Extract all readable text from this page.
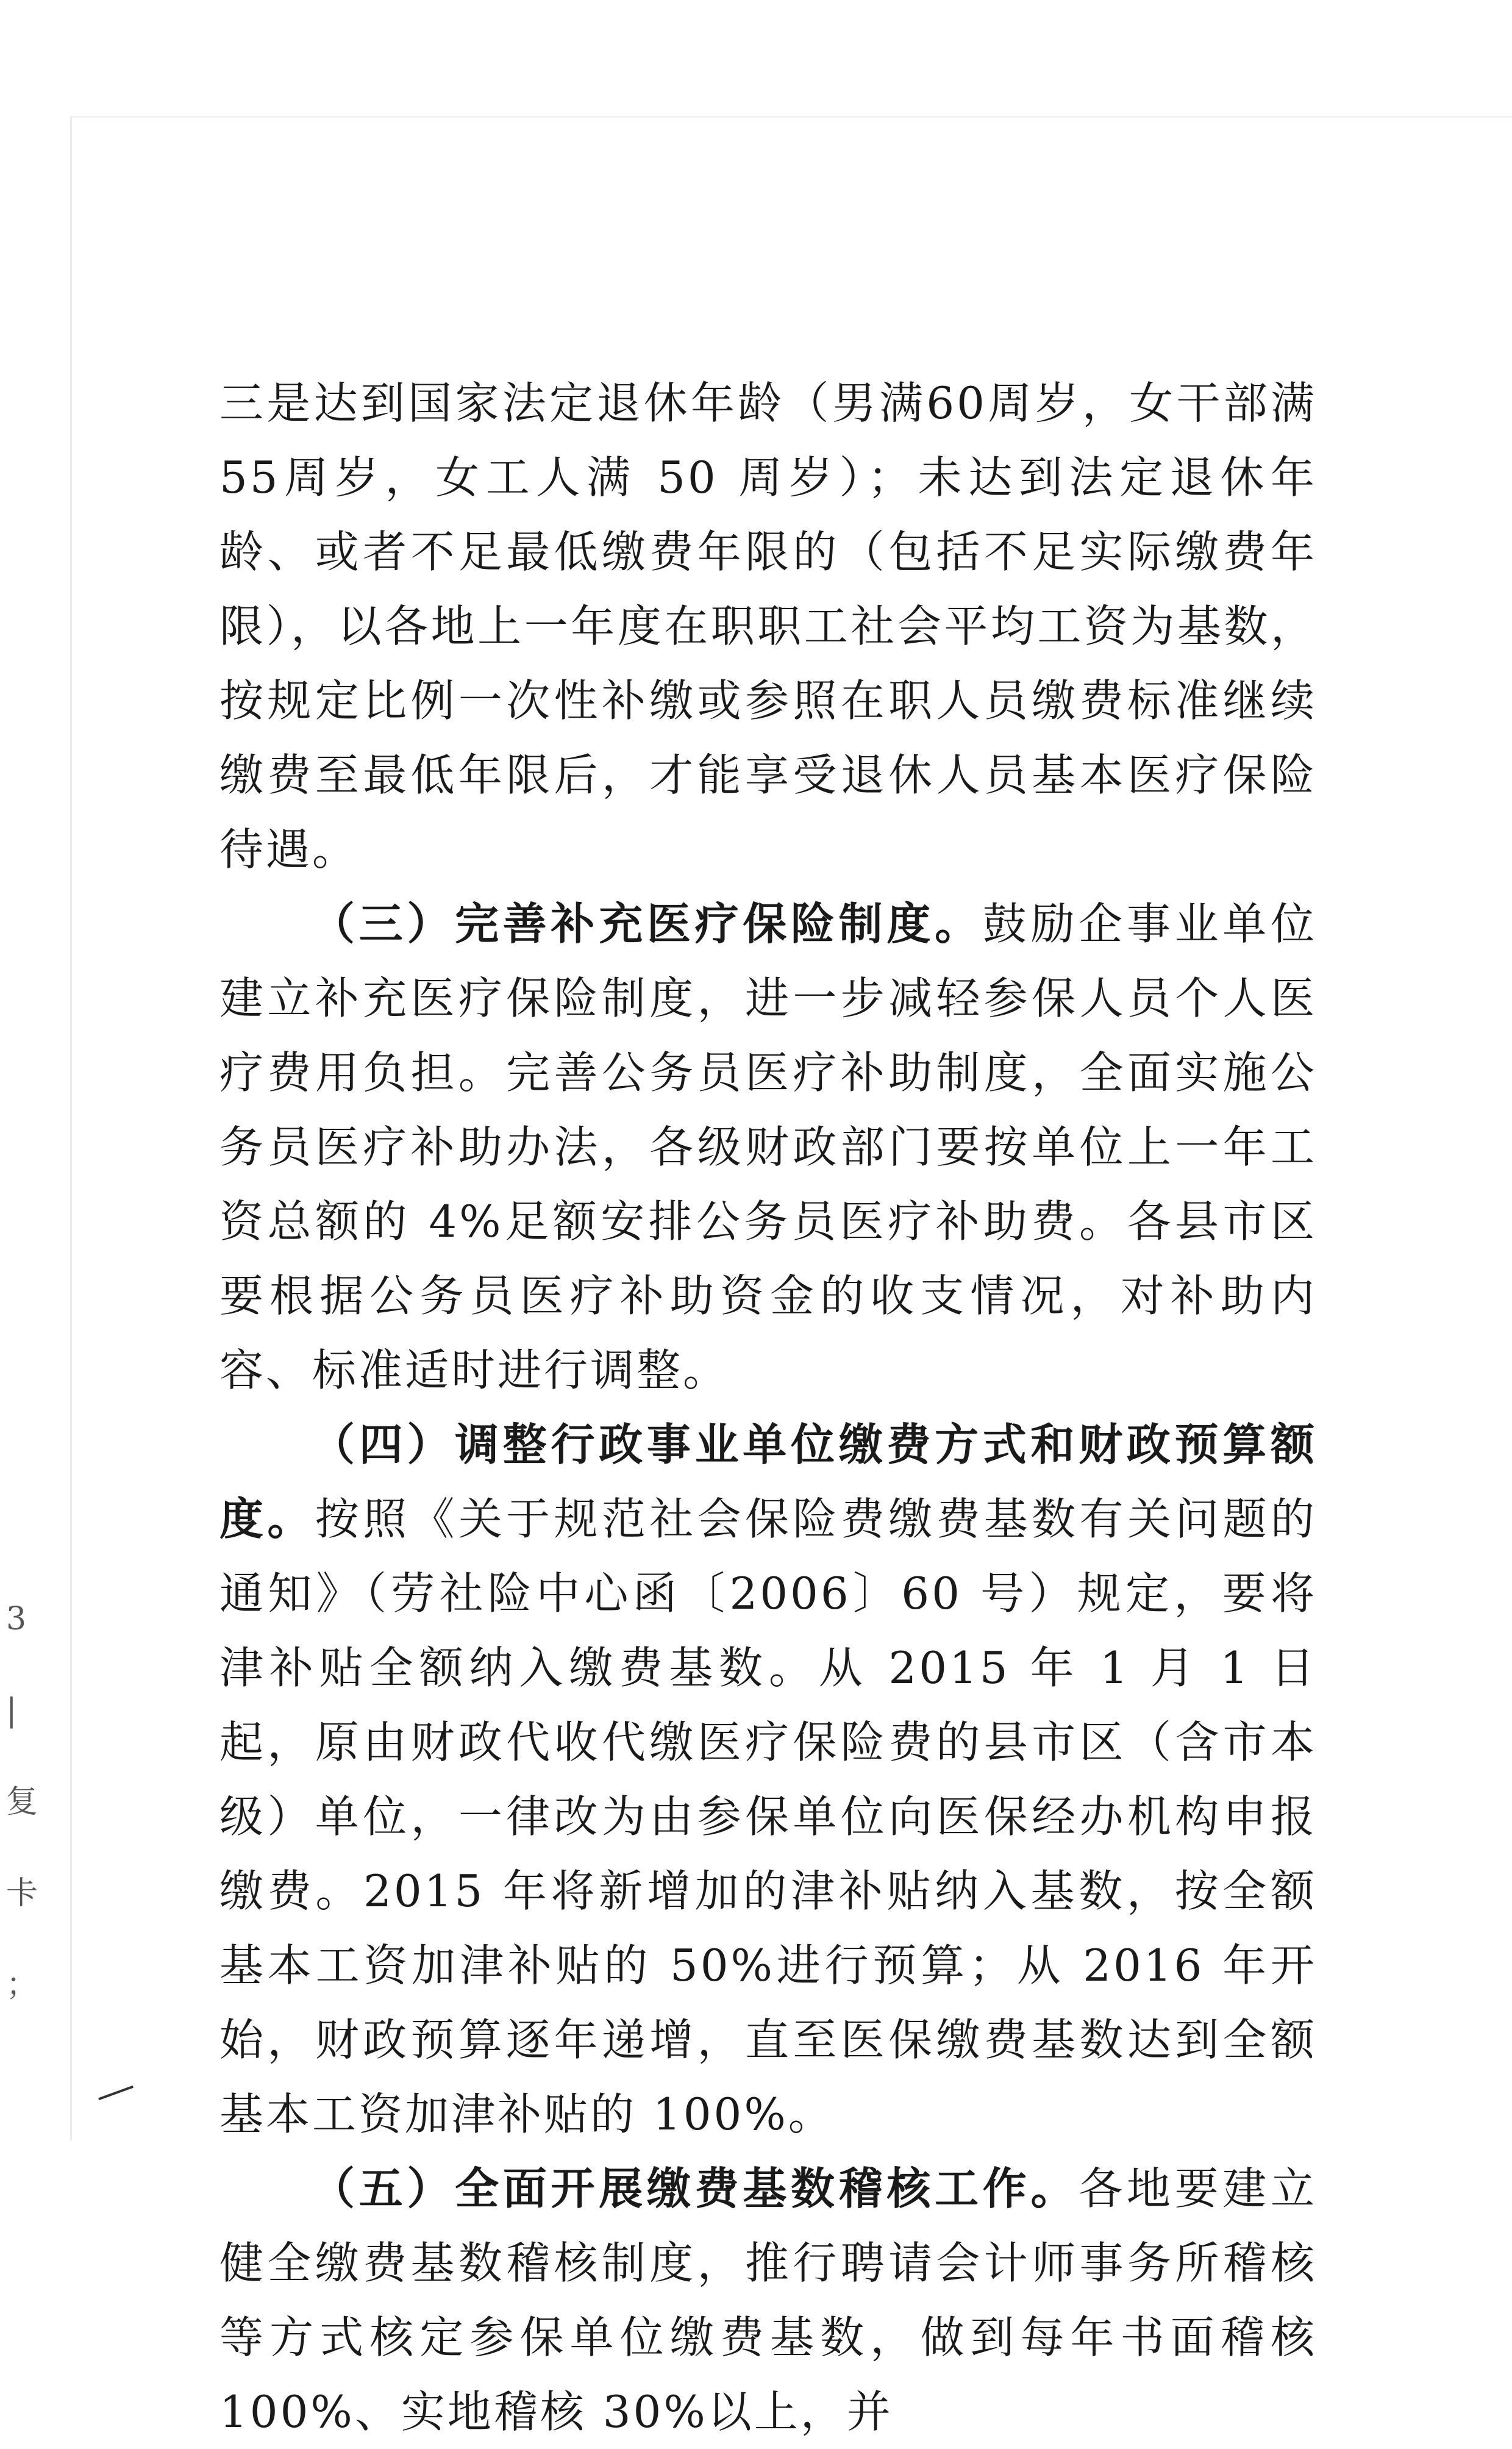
3
|
复
卡
；

三是达到国家法定退休年龄（男满60周岁，女干部满55周岁，女工人满 50 周岁）；未达到法定退休年龄、或者不足最低缴费年限的（包括不足实际缴费年限），以各地上一年度在职职工社会平均工资为基数，按规定比例一次性补缴或参照在职人员缴费标准继续缴费至最低年限后，才能享受退休人员基本医疗保险待遇。

（三）完善补充医疗保险制度。鼓励企事业单位建立补充医疗保险制度，进一步减轻参保人员个人医疗费用负担。完善公务员医疗补助制度，全面实施公务员医疗补助办法，各级财政部门要按单位上一年工资总额的 4%足额安排公务员医疗补助费。各县市区要根据公务员医疗补助资金的收支情况，对补助内容、标准适时进行调整。

（四）调整行政事业单位缴费方式和财政预算额度。按照《关于规范社会保险费缴费基数有关问题的通知》（劳社险中心函〔2006〕60 号）规定，要将津补贴全额纳入缴费基数。从 2015 年 1 月 1 日起，原由财政代收代缴医疗保险费的县市区（含市本级）单位，一律改为由参保单位向医保经办机构申报缴费。2015 年将新增加的津补贴纳入基数，按全额基本工资加津补贴的 50%进行预算；从 2016 年开始，财政预算逐年递增，直至医保缴费基数达到全额基本工资加津补贴的 100%。

（五）全面开展缴费基数稽核工作。各地要建立健全缴费基数稽核制度，推行聘请会计师事务所稽核等方式核定参保单位缴费基数，做到每年书面稽核 100%、实地稽核 30%以上，并
